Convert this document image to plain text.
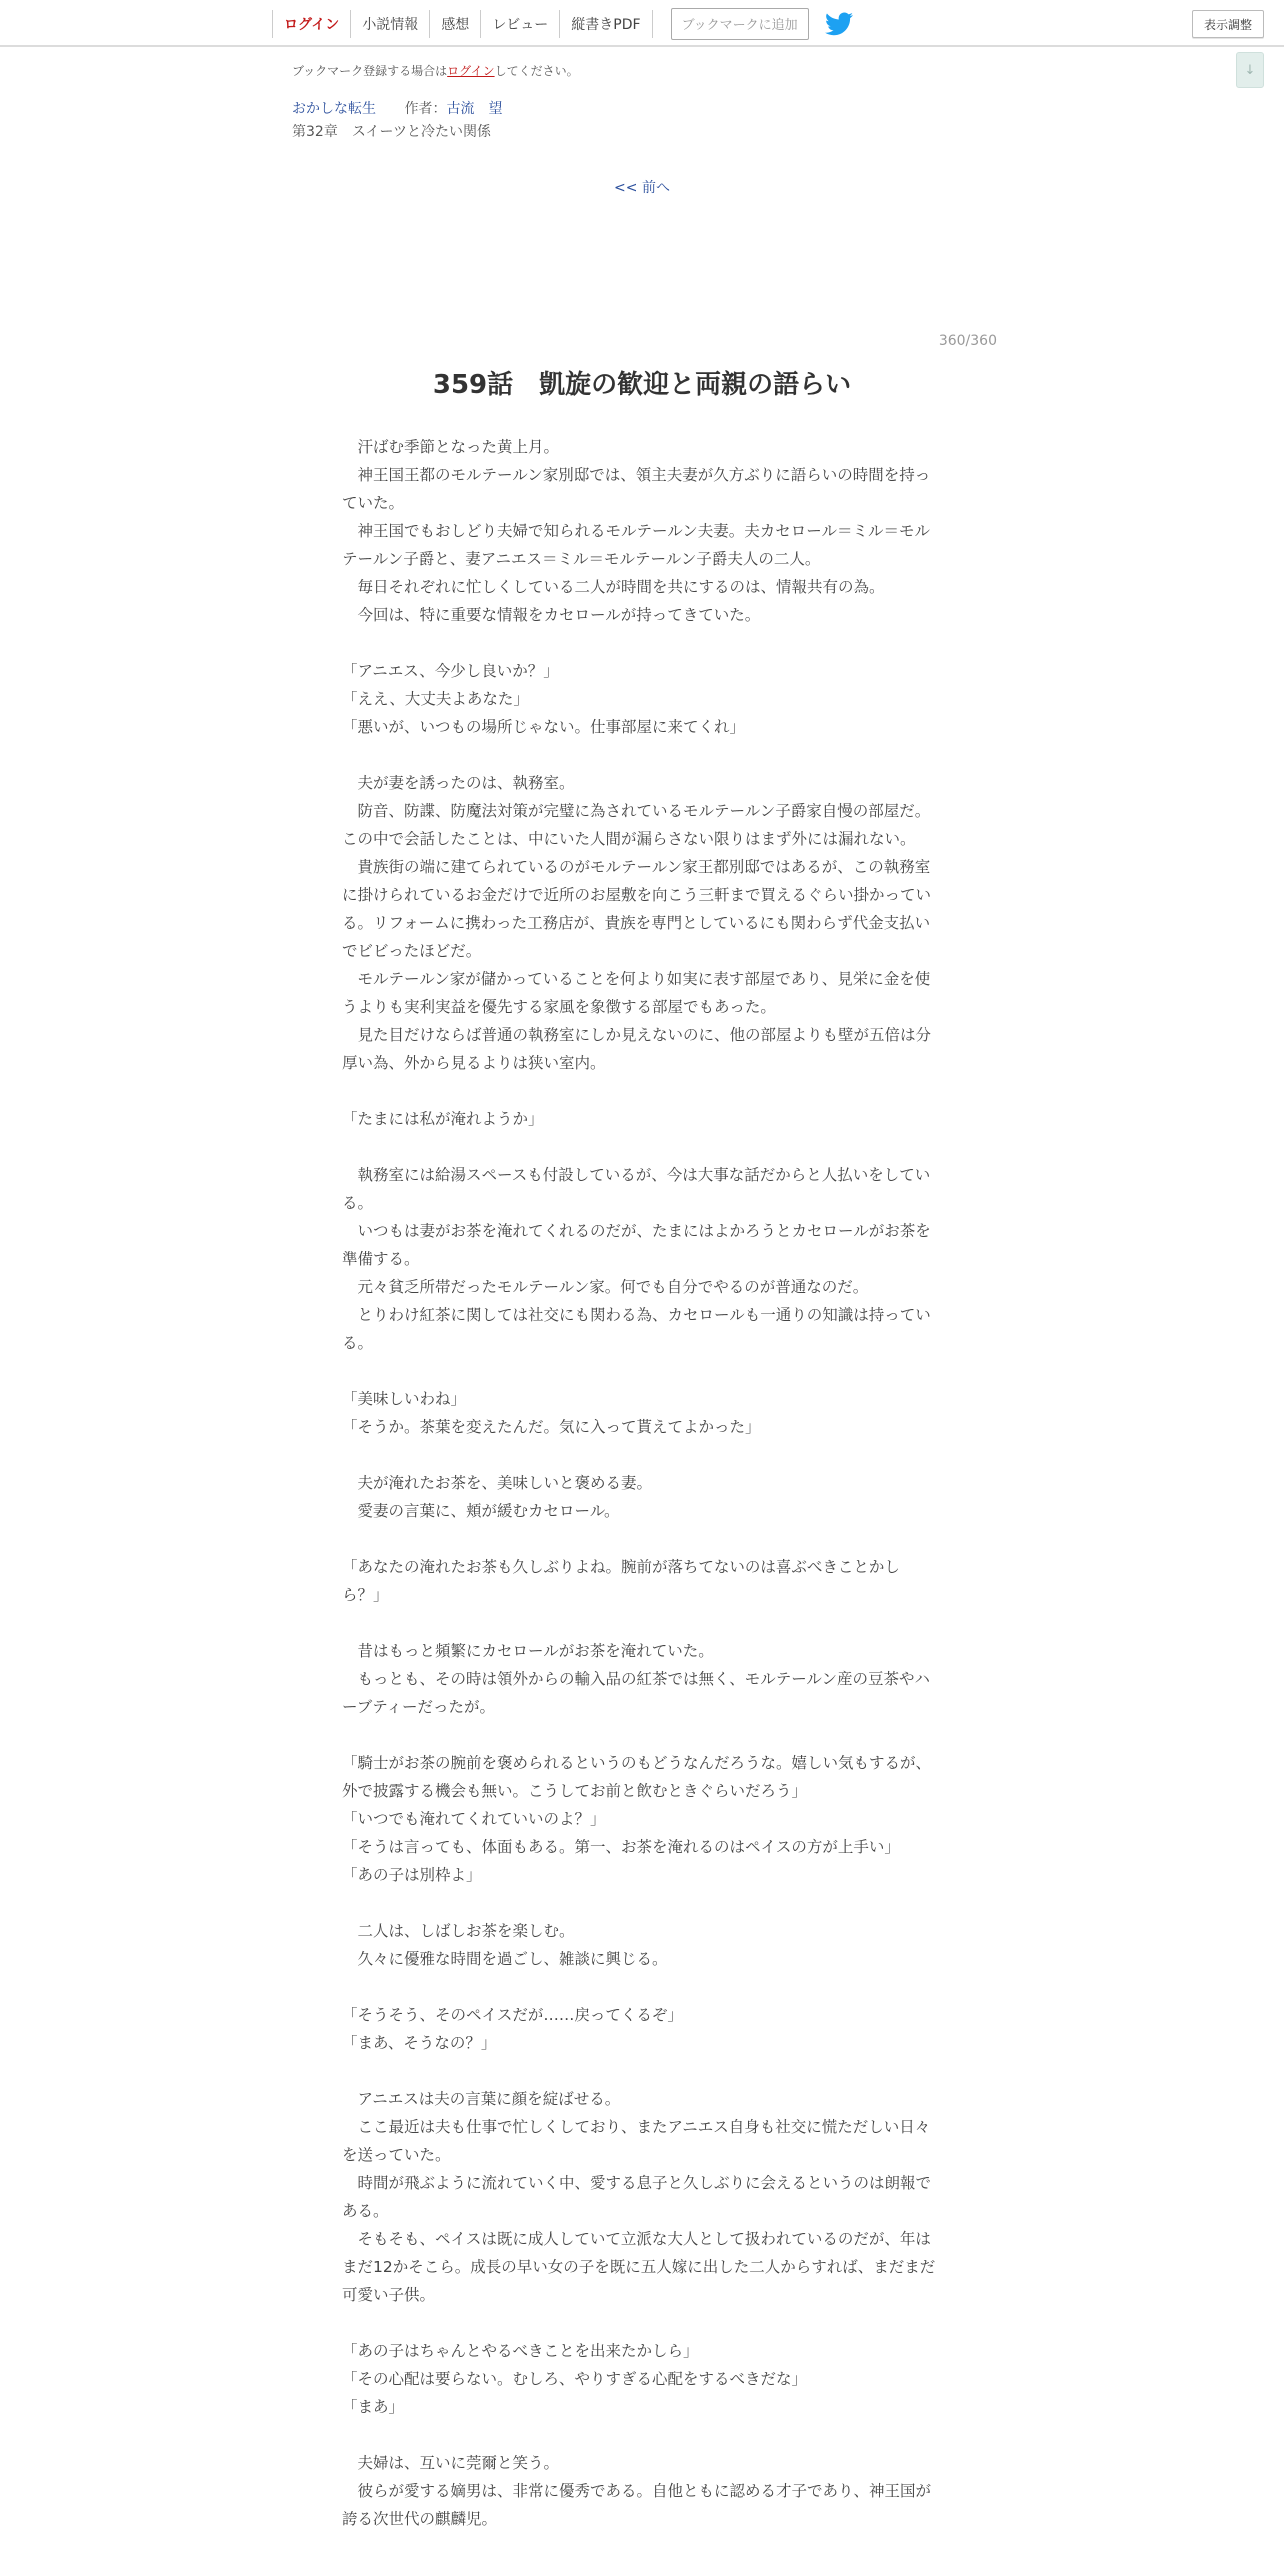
ログイン	小説情報	感想	レビュー	縦書きPDF	ブックマークに追加	表示調整
↓
ブックマーク登録する場合はログインしてください。
おかしな転生 作者：古流　望
第32章　スイーツと冷たい関係
<< 前へ
360/360
359話　凱旋の歓迎と両親の語らい

　汗ばむ季節となった黄上月。

　神王国王都のモルテールン家別邸では、領主夫妻が久方ぶりに語らいの時間を持っていた。

　神王国でもおしどり夫婦で知られるモルテールン夫妻。夫カセロール＝ミル＝モルテールン子爵と、妻アニエス＝ミル＝モルテールン子爵夫人の二人。

　毎日それぞれに忙しくしている二人が時間を共にするのは、情報共有の為。

　今回は、特に重要な情報をカセロールが持ってきていた。

「アニエス、今少し良いか？」

「ええ、大丈夫よあなた」

「悪いが、いつもの場所じゃない。仕事部屋に来てくれ」

　夫が妻を誘ったのは、執務室。

　防音、防諜、防魔法対策が完璧に為されているモルテールン子爵家自慢の部屋だ。この中で会話したことは、中にいた人間が漏らさない限りはまず外には漏れない。

　貴族街の端に建てられているのがモルテールン家王都別邸ではあるが、この執務室に掛けられているお金だけで近所のお屋敷を向こう三軒まで買えるぐらい掛かっている。リフォームに携わった工務店が、貴族を専門としているにも関わらず代金支払いでビビったほどだ。

　モルテールン家が儲かっていることを何より如実に表す部屋であり、見栄に金を使うよりも実利実益を優先する家風を象徴する部屋でもあった。

　見た目だけならば普通の執務室にしか見えないのに、他の部屋よりも壁が五倍は分厚い為、外から見るよりは狭い室内。

「たまには私が淹れようか」

　執務室には給湯スペースも付設しているが、今は大事な話だからと人払いをしている。

　いつもは妻がお茶を淹れてくれるのだが、たまにはよかろうとカセロールがお茶を準備する。

　元々貧乏所帯だったモルテールン家。何でも自分でやるのが普通なのだ。

　とりわけ紅茶に関しては社交にも関わる為、カセロールも一通りの知識は持っている。

「美味しいわね」

「そうか。茶葉を変えたんだ。気に入って貰えてよかった」

　夫が淹れたお茶を、美味しいと褒める妻。

　愛妻の言葉に、頬が緩むカセロール。

「あなたの淹れたお茶も久しぶりよね。腕前が落ちてないのは喜ぶべきことかしら？」

　昔はもっと頻繁にカセロールがお茶を淹れていた。

　もっとも、その時は領外からの輸入品の紅茶では無く、モルテールン産の豆茶やハーブティーだったが。

「騎士がお茶の腕前を褒められるというのもどうなんだろうな。嬉しい気もするが、外で披露する機会も無い。こうしてお前と飲むときぐらいだろう」

「いつでも淹れてくれていいのよ？」

「そうは言っても、体面もある。第一、お茶を淹れるのはペイスの方が上手い」

「あの子は別枠よ」

　二人は、しばしお茶を楽しむ。

　久々に優雅な時間を過ごし、雑談に興じる。

「そうそう、そのペイスだが……戻ってくるぞ」

「まあ、そうなの？」

　アニエスは夫の言葉に顔を綻ばせる。

　ここ最近は夫も仕事で忙しくしており、またアニエス自身も社交に慌ただしい日々を送っていた。

　時間が飛ぶように流れていく中、愛する息子と久しぶりに会えるというのは朗報である。

　そもそも、ペイスは既に成人していて立派な大人として扱われているのだが、年はまだ12かそこら。成長の早い女の子を既に五人嫁に出した二人からすれば、まだまだ可愛い子供。

「あの子はちゃんとやるべきことを出来たかしら」

「その心配は要らない。むしろ、やりすぎる心配をするべきだな」

「まあ」

　夫婦は、互いに莞爾と笑う。

　彼らが愛する嫡男は、非常に優秀である。自他ともに認める才子であり、神王国が誇る次世代の麒麟児。
